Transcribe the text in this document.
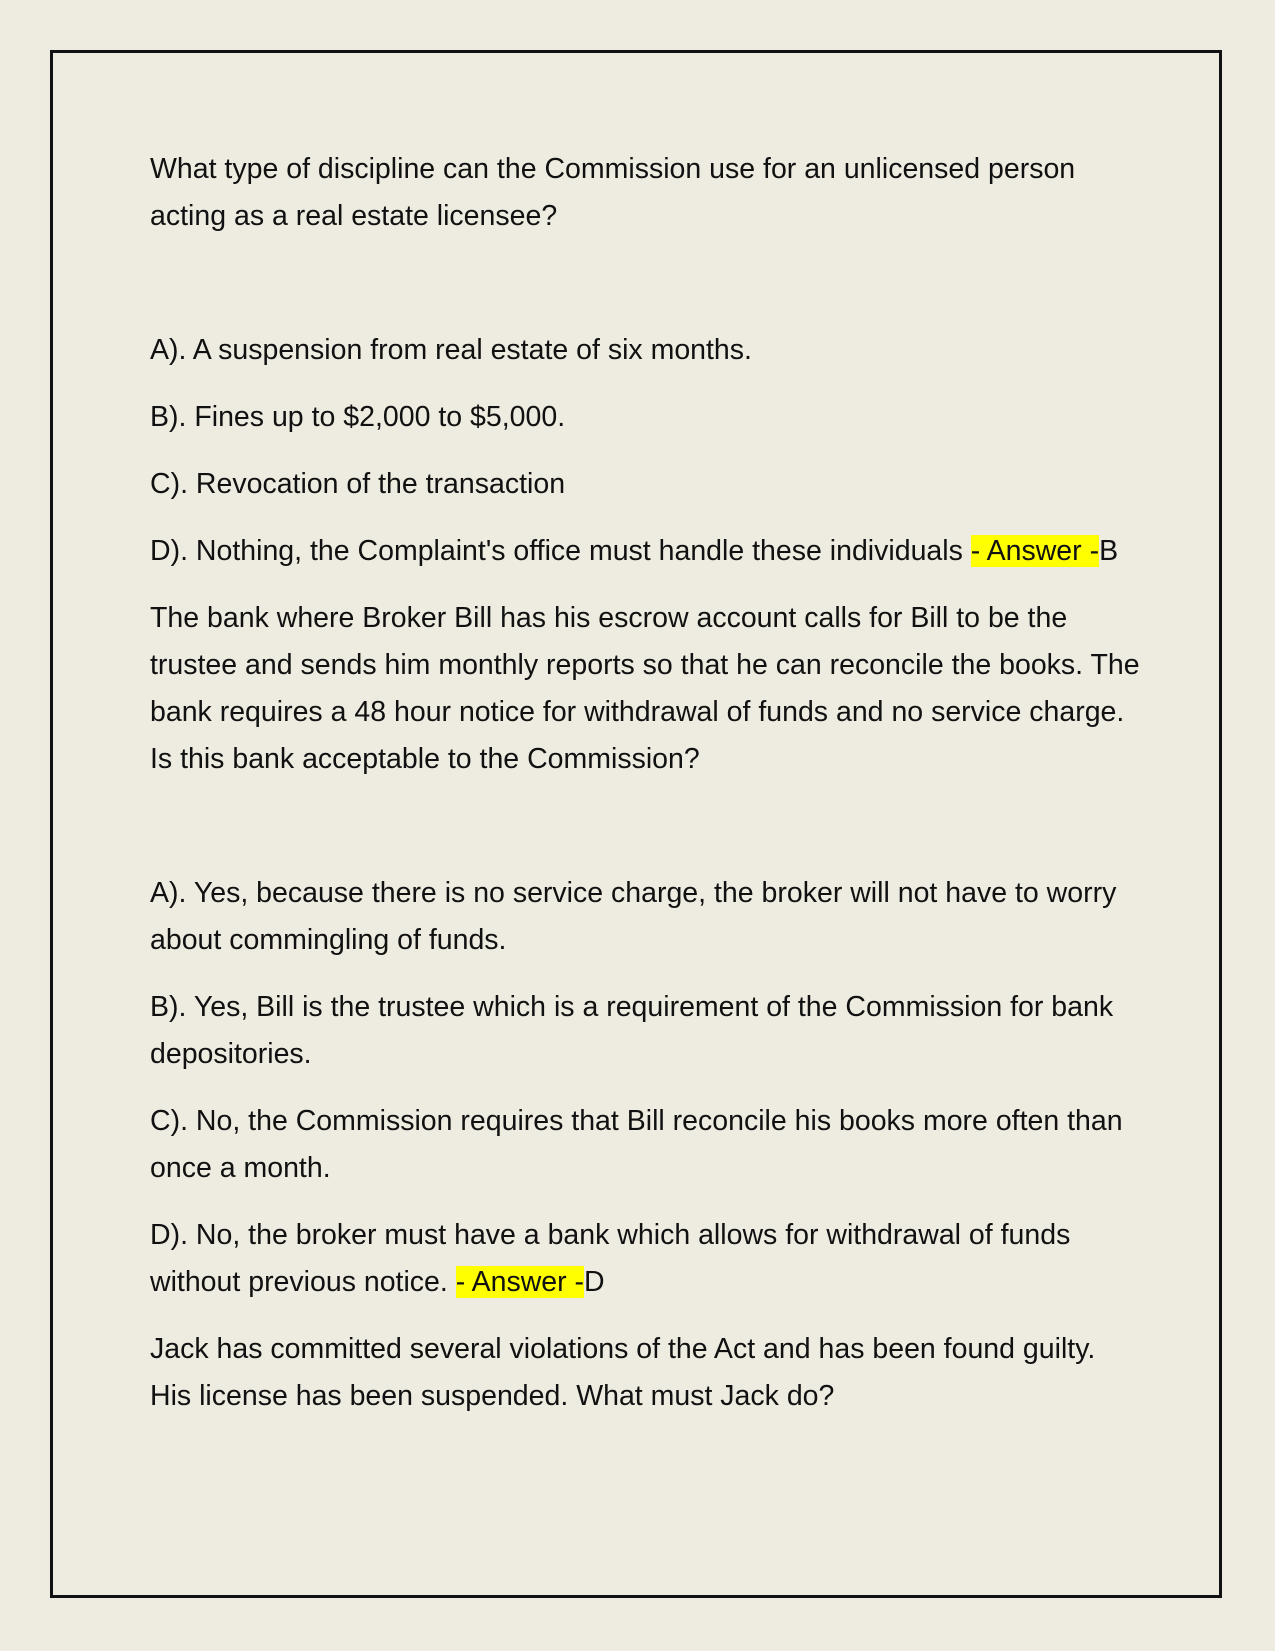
What type of discipline can the Commission use for an unlicensed person acting as a real estate licensee?

A). A suspension from real estate of six months.

B). Fines up to $2,000 to $5,000.

C). Revocation of the transaction

D). Nothing, the Complaint's office must handle these individuals - Answer -B

The bank where Broker Bill has his escrow account calls for Bill to be the trustee and sends him monthly reports so that he can reconcile the books. The bank requires a 48 hour notice for withdrawal of funds and no service charge. Is this bank acceptable to the Commission?

A). Yes, because there is no service charge, the broker will not have to worry about commingling of funds.

B). Yes, Bill is the trustee which is a requirement of the Commission for bank depositories.

C). No, the Commission requires that Bill reconcile his books more often than once a month.

D). No, the broker must have a bank which allows for withdrawal of funds without previous notice. - Answer -D

Jack has committed several violations of the Act and has been found guilty. His license has been suspended. What must Jack do?
